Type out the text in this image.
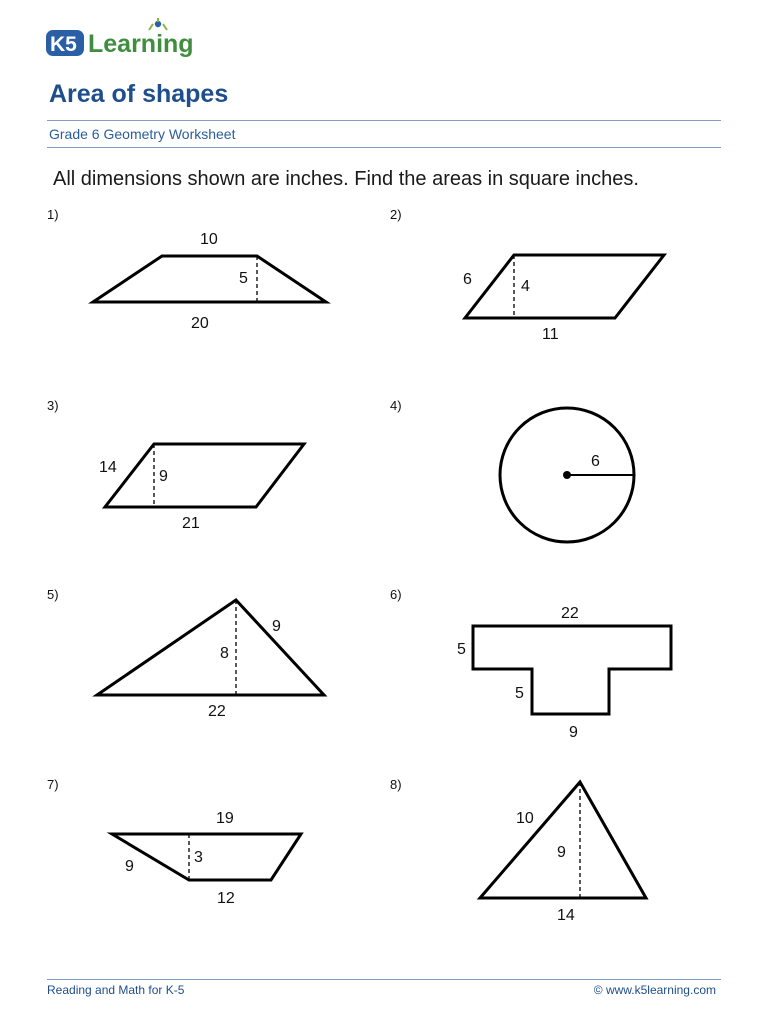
K5 Learning
Area of shapes
Grade 6 Geometry Worksheet
All dimensions shown are inches. Find the areas in square inches.
1)
10
5
20
2)
6	4
11
3)
14
9
21
4)
6
5)
9
8
22
6)
22
5
5
9
7)
19
9
3
12
8)
10
9
14
Reading and Math for K-5	© www.k5learning.com
